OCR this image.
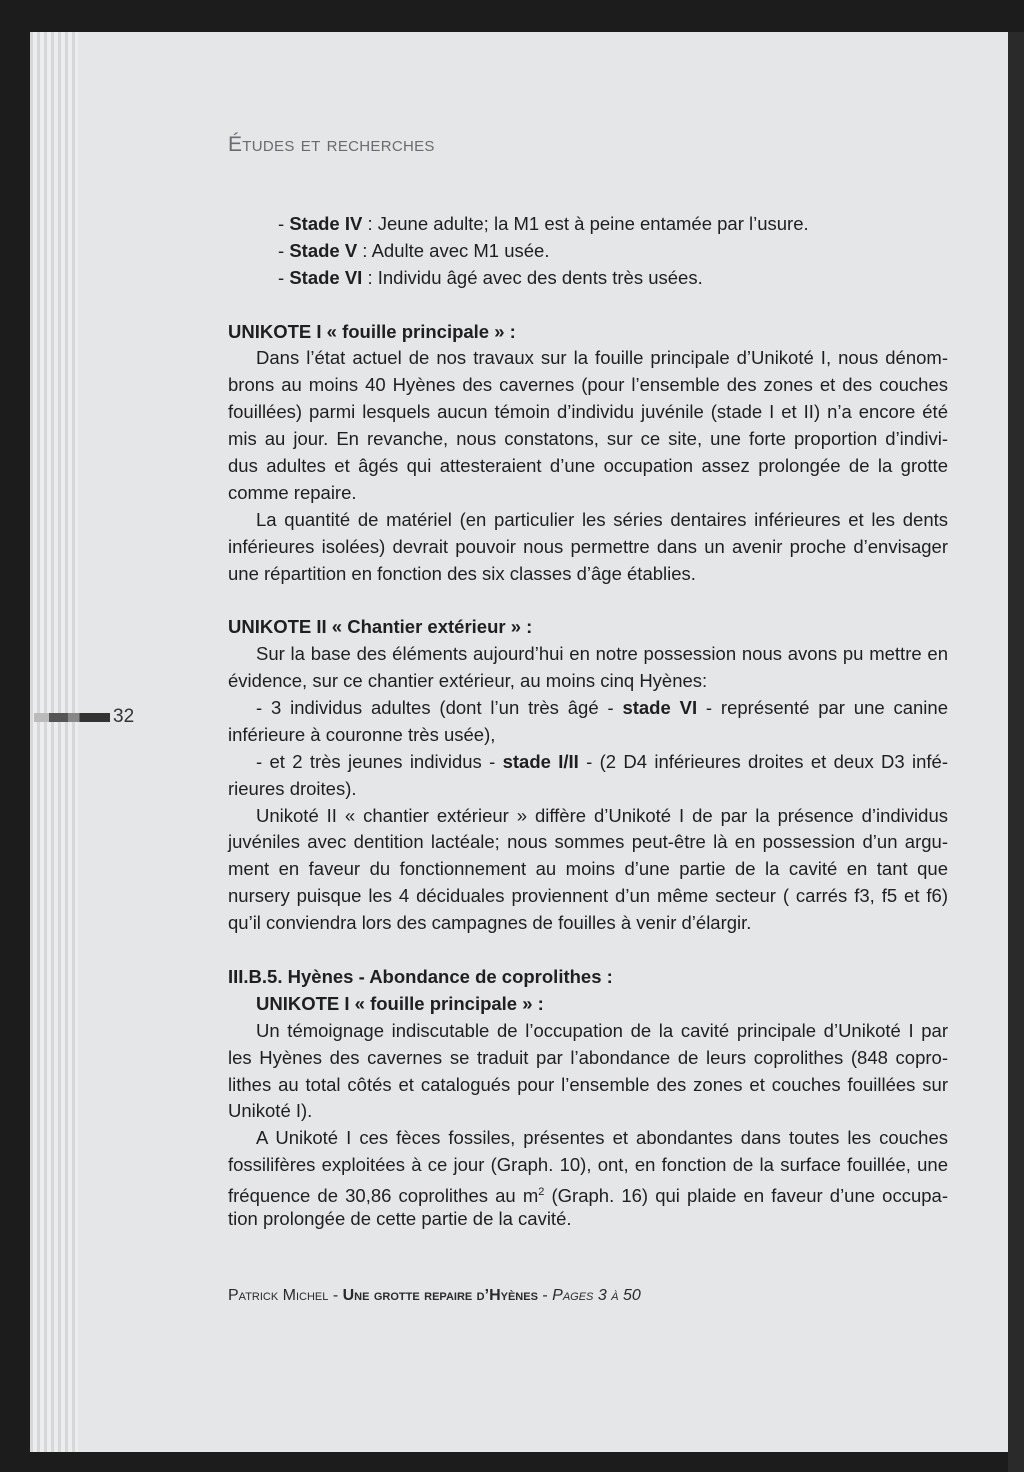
Études et recherches
- Stade IV : Jeune adulte; la M1 est à peine entamée par l’usure.
- Stade V : Adulte avec M1 usée.
- Stade VI : Individu âgé avec des dents très usées.
UNIKOTE I « fouille principale » :
Dans l’état actuel de nos travaux sur la fouille principale d’Unikoté I, nous dénom-
brons au moins 40 Hyènes des cavernes (pour l’ensemble des zones et des couches
fouillées) parmi lesquels aucun témoin d’individu juvénile (stade I et II) n’a encore été
mis au jour. En revanche, nous constatons, sur ce site, une forte proportion d’indivi-
dus adultes et âgés qui attesteraient d’une occupation assez prolongée de la grotte
comme repaire.
La quantité de matériel (en particulier les séries dentaires inférieures et les dents
inférieures isolées) devrait pouvoir nous permettre dans un avenir proche d’envisager
une répartition en fonction des six classes d’âge établies.
UNIKOTE II « Chantier extérieur » :
Sur la base des éléments aujourd’hui en notre possession nous avons pu mettre en
évidence, sur ce chantier extérieur, au moins cinq Hyènes:
- 3 individus adultes (dont l’un très âgé - stade VI - représenté par une canine
inférieure à couronne très usée),
- et 2 très jeunes individus - stade I/II - (2 D4 inférieures droites et deux D3 infé-
rieures droites).
Unikoté II « chantier extérieur » diffère d’Unikoté I de par la présence d’individus
juvéniles avec dentition lactéale; nous sommes peut-être là en possession d’un argu-
ment en faveur du fonctionnement au moins d’une partie de la cavité en tant que
nursery puisque les 4 déciduales proviennent d’un même secteur ( carrés f3, f5 et f6)
qu’il conviendra lors des campagnes de fouilles à venir d’élargir.
III.B.5. Hyènes - Abondance de coprolithes :
UNIKOTE I « fouille principale » :
Un témoignage indiscutable de l’occupation de la cavité principale d’Unikoté I par
les Hyènes des cavernes se traduit par l’abondance de leurs coprolithes (848 copro-
lithes au total côtés et catalogués pour l’ensemble des zones et couches fouillées sur
Unikoté I).
A Unikoté I ces fèces fossiles, présentes et abondantes dans toutes les couches
fossilifères exploitées à ce jour (Graph. 10), ont, en fonction de la surface fouillée, une
fréquence de 30,86 coprolithes au $m^2$ (Graph. 16) qui plaide en faveur d’une occupa-
tion prolongée de cette partie de la cavité.
32
Patrick Michel - Une grotte repaire d’Hyènes - Pages 3 à 50
